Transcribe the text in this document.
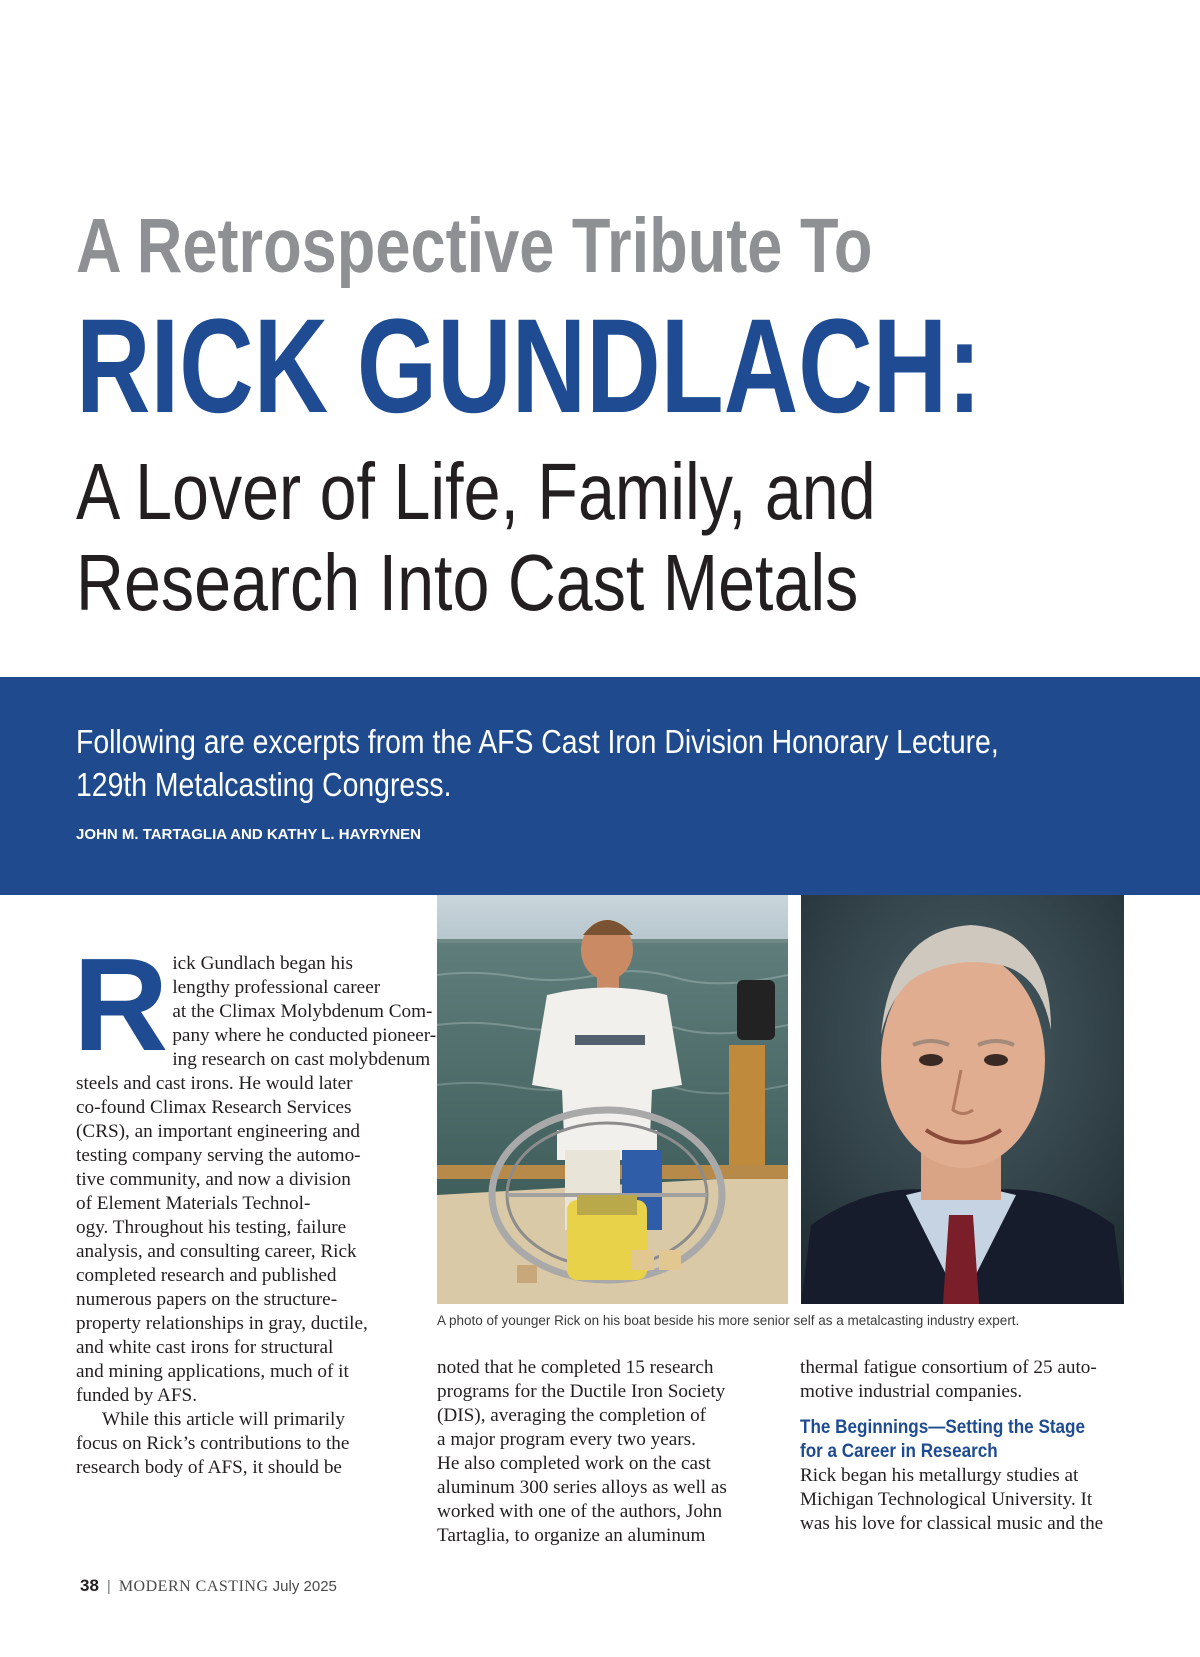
A Retrospective Tribute To
RICK GUNDLACH:
A Lover of Life, Family, and
Research Into Cast Metals
Following are excerpts from the AFS Cast Iron Division Honorary Lecture,
129th Metalcasting Congress.
JOHN M. TARTAGLIA AND KATHY L. HAYRYNEN
A photo of younger Rick on his boat beside his more senior self as a metalcasting industry expert.
R ick Gundlach began his
lengthy professional career
at the Climax Molybdenum Com-
pany where he conducted pioneer-
ing research on cast molybdenum
steels and cast irons. He would later
co-found Climax Research Services
(CRS), an important engineering and
testing company serving the automo-
tive community, and now a division
of Element Materials Technol-
ogy. Throughout his testing, failure
analysis, and consulting career, Rick
completed research and published
numerous papers on the structure-
property relationships in gray, ductile,
and white cast irons for structural
and mining applications, much of it
funded by AFS.

While this article will primarily
focus on Rick’s contributions to the
research body of AFS, it should be

noted that he completed 15 research
programs for the Ductile Iron Society
(DIS), averaging the completion of
a major program every two years.
He also completed work on the cast
aluminum 300 series alloys as well as
worked with one of the authors, John
Tartaglia, to organize an aluminum

thermal fatigue consortium of 25 auto-
motive industrial companies.

The Beginnings—Setting the Stage
for a Career in Research

Rick began his metallurgy studies at
Michigan Technological University. It
was his love for classical music and the

38 | MODERN CASTING July 2025
